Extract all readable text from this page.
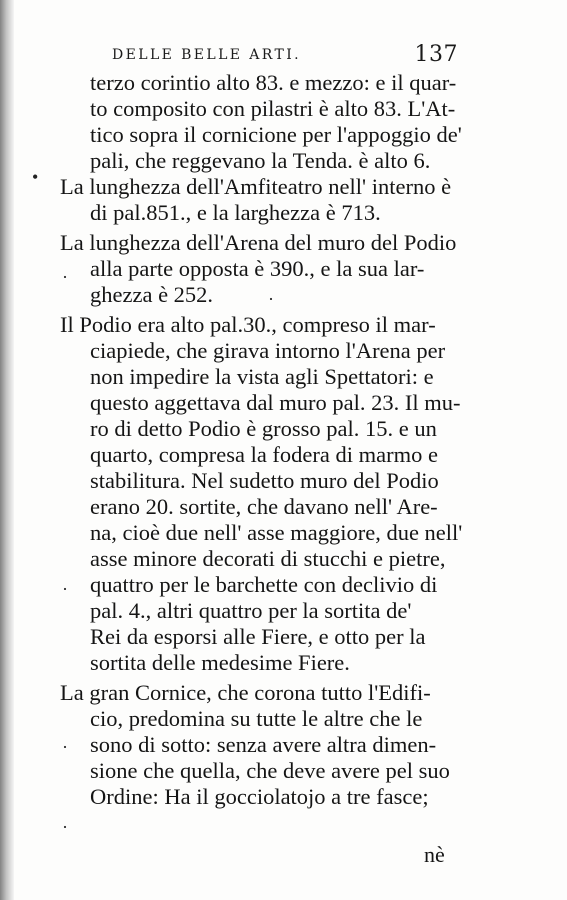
DELLE BELLE ARTI.	137
terzo corintio alto 83. e mezzo: e il quar-
to composito con pilastri è alto 83. L'At-
tico sopra il cornicione per l'appoggio de'
pali, che reggevano la Tenda. è alto 6.
La lunghezza dell'Amfiteatro nell' interno è
di pal.851., e la larghezza è 713.
La lunghezza dell'Arena del muro del Podio
alla parte opposta è 390., e la sua lar-
ghezza è 252.
Il Podio era alto pal.30., compreso il mar-
ciapiede, che girava intorno l'Arena per
non impedire la vista agli Spettatori: e
questo aggettava dal muro pal. 23. Il mu-
ro di detto Podio è grosso pal. 15. e un
quarto, compresa la fodera di marmo e
stabilitura. Nel sudetto muro del Podio
erano 20. sortite, che davano nell' Are-
na, cioè due nell' asse maggiore, due nell'
asse minore decorati di stucchi e pietre,
quattro per le barchette con declivio di
pal. 4., altri quattro per la sortita de'
Rei da esporsi alle Fiere, e otto per la
sortita delle medesime Fiere.
La gran Cornice, che corona tutto l'Edifi-
cio, predomina su tutte le altre che le
sono di sotto: senza avere altra dimen-
sione che quella, che deve avere pel suo
Ordine: Ha il gocciolatojo a tre fasce;
nè
•
·
·
·
·
·
